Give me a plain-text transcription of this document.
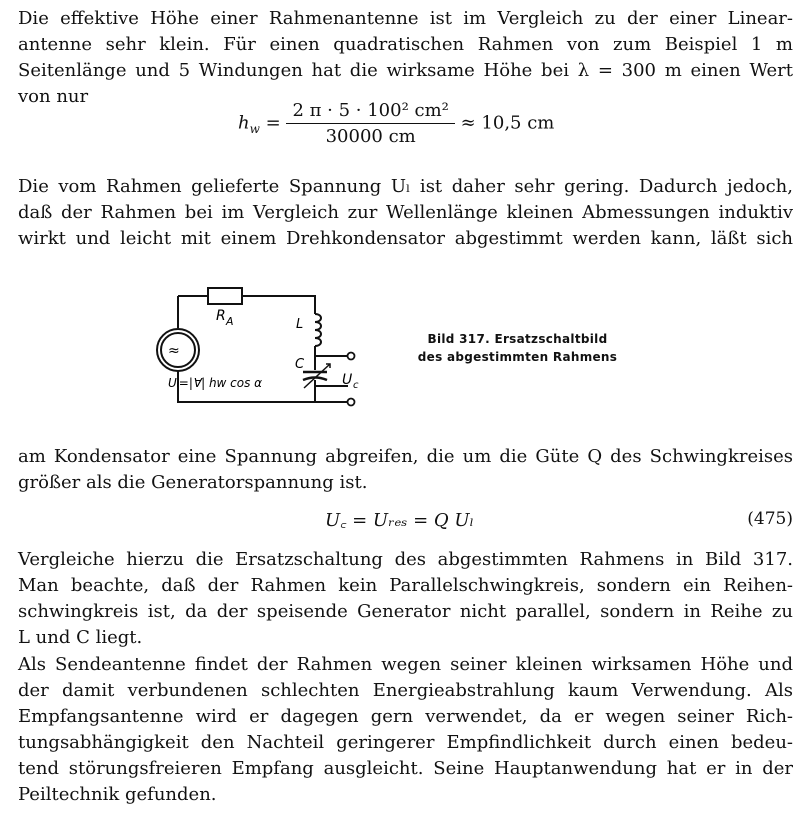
Die effektive Höhe einer Rahmenantenne ist im Vergleich zu der einer Linear-
antenne sehr klein. Für einen quadratischen Rahmen von zum Beispiel 1 m
Seitenlänge und 5 Windungen hat die wirksame Höhe bei λ = 300 m einen Wert
von nur
$h_w = \frac{\text{2 π · 5 · 100² cm²}}{30000 cm} \approx 10,5$ cm
Die vom Rahmen gelieferte Spannung Uₗ ist daher sehr gering. Dadurch jedoch,
daß der Rahmen bei im Vergleich zur Wellenlänge kleinen Abmessungen induktiv
wirkt und leicht mit einem Drehkondensator abgestimmt werden kann, läßt sich
≈
R A	L
C
U c
Uₗ=|Ɐ| hw cos α
Bild 317. Ersatzschaltbild
des abgestimmten Rahmens
am Kondensator eine Spannung abgreifen, die um die Güte Q des Schwingkreises
größer als die Generatorspannung ist.
U꜀ = Uᵣₑₛ = Q Uₗ	(475)
Vergleiche hierzu die Ersatzschaltung des abgestimmten Rahmens in Bild 317.
Man beachte, daß der Rahmen kein Parallelschwingkreis, sondern ein Reihen-
schwingkreis ist, da der speisende Generator nicht parallel, sondern in Reihe zu
L und C liegt.
Als Sendeantenne findet der Rahmen wegen seiner kleinen wirksamen Höhe und
der damit verbundenen schlechten Energieabstrahlung kaum Verwendung. Als
Empfangsantenne wird er dagegen gern verwendet, da er wegen seiner Rich-
tungsabhängigkeit den Nachteil geringerer Empfindlichkeit durch einen bedeu-
tend störungsfreieren Empfang ausgleicht. Seine Hauptanwendung hat er in der
Peiltechnik gefunden.
